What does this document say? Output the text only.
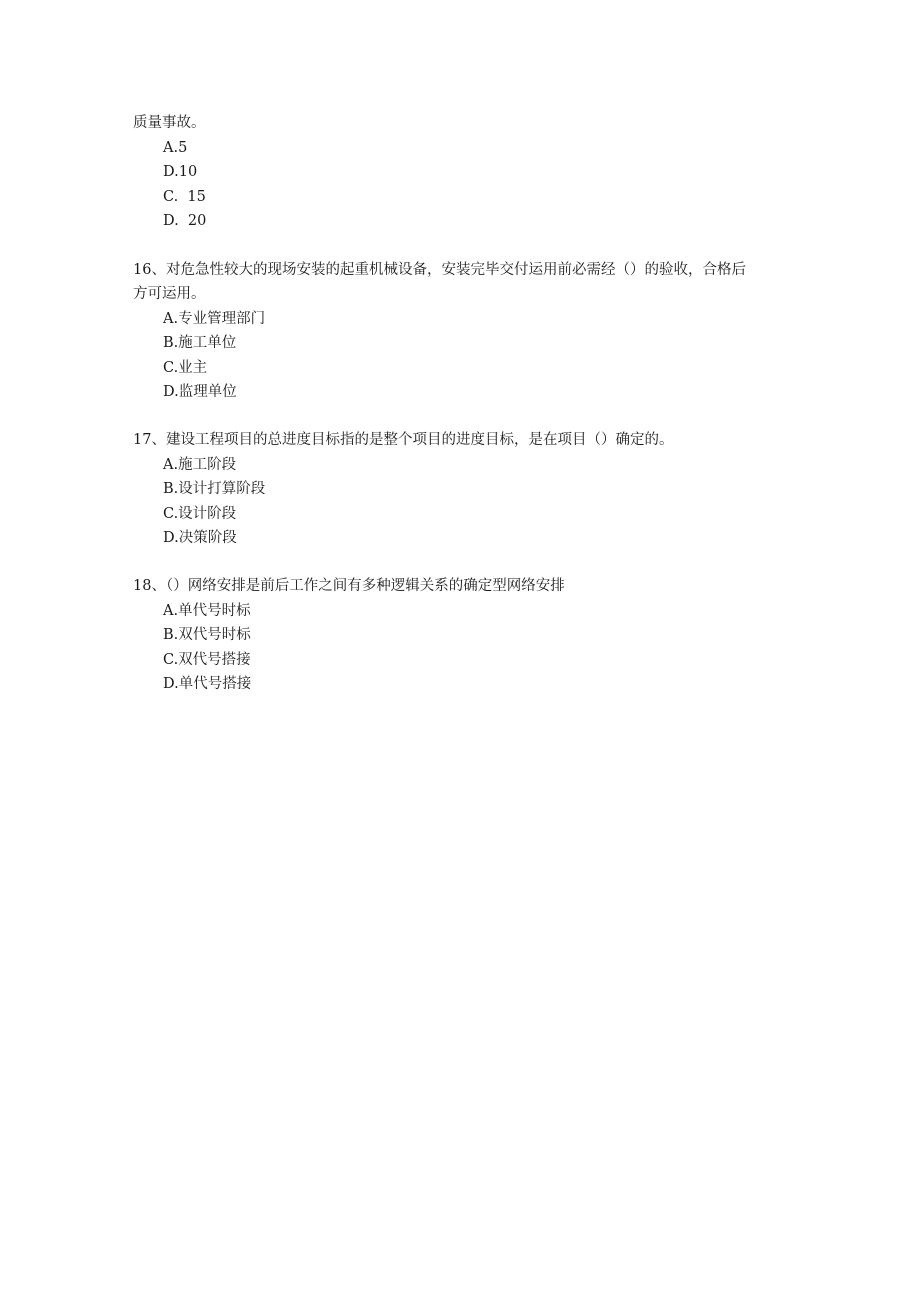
质量事故。
A.5
D.10
C.  15
D.  20
16、对危急性较大的现场安装的起重机械设备，安装完毕交付运用前必需经（）的验收，合格后
方可运用。
A.专业管理部门
B.施工单位
C.业主
D.监理单位
17、建设工程项目的总进度目标指的是整个项目的进度目标，是在项目（）确定的。
A.施工阶段
B.设计打算阶段
C.设计阶段
D.决策阶段
18、（）网络安排是前后工作之间有多种逻辑关系的确定型网络安排
A.单代号时标
B.双代号时标
C.双代号搭接
D.单代号搭接
